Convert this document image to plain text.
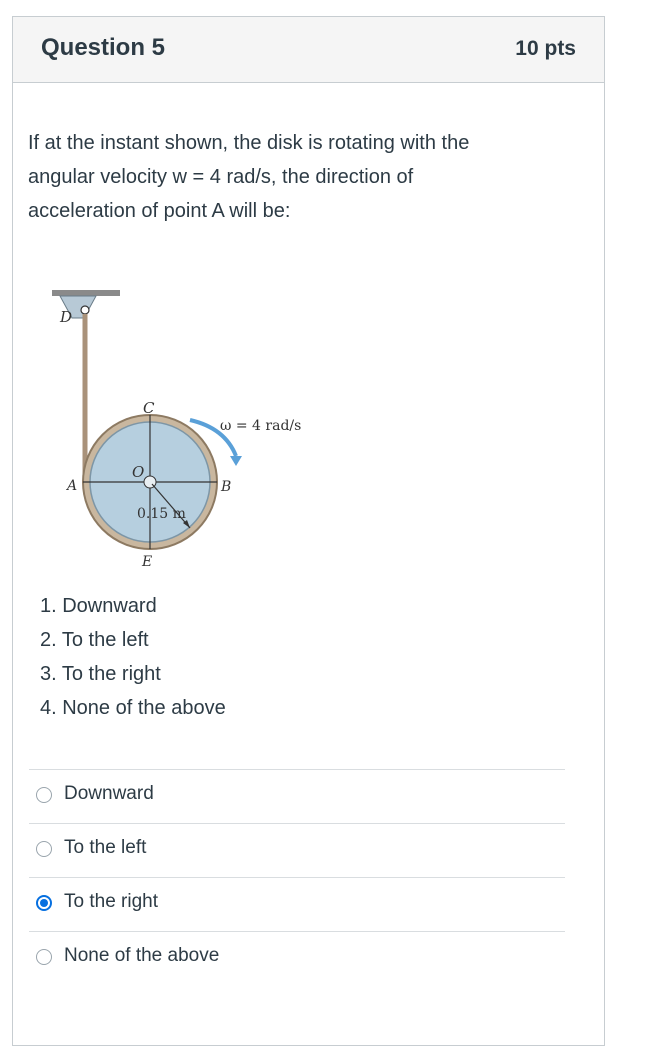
Question 5	10 pts
If at the instant shown, the disk is rotating with the
angular velocity w = 4 rad/s, the direction of
acceleration of point A will be:
D
C
A
O
B
E
0.15 m
ω = 4 rad/s
1. Downward
2. To the left
3. To the right
4. None of the above
Downward
To the left
To the right
None of the above
